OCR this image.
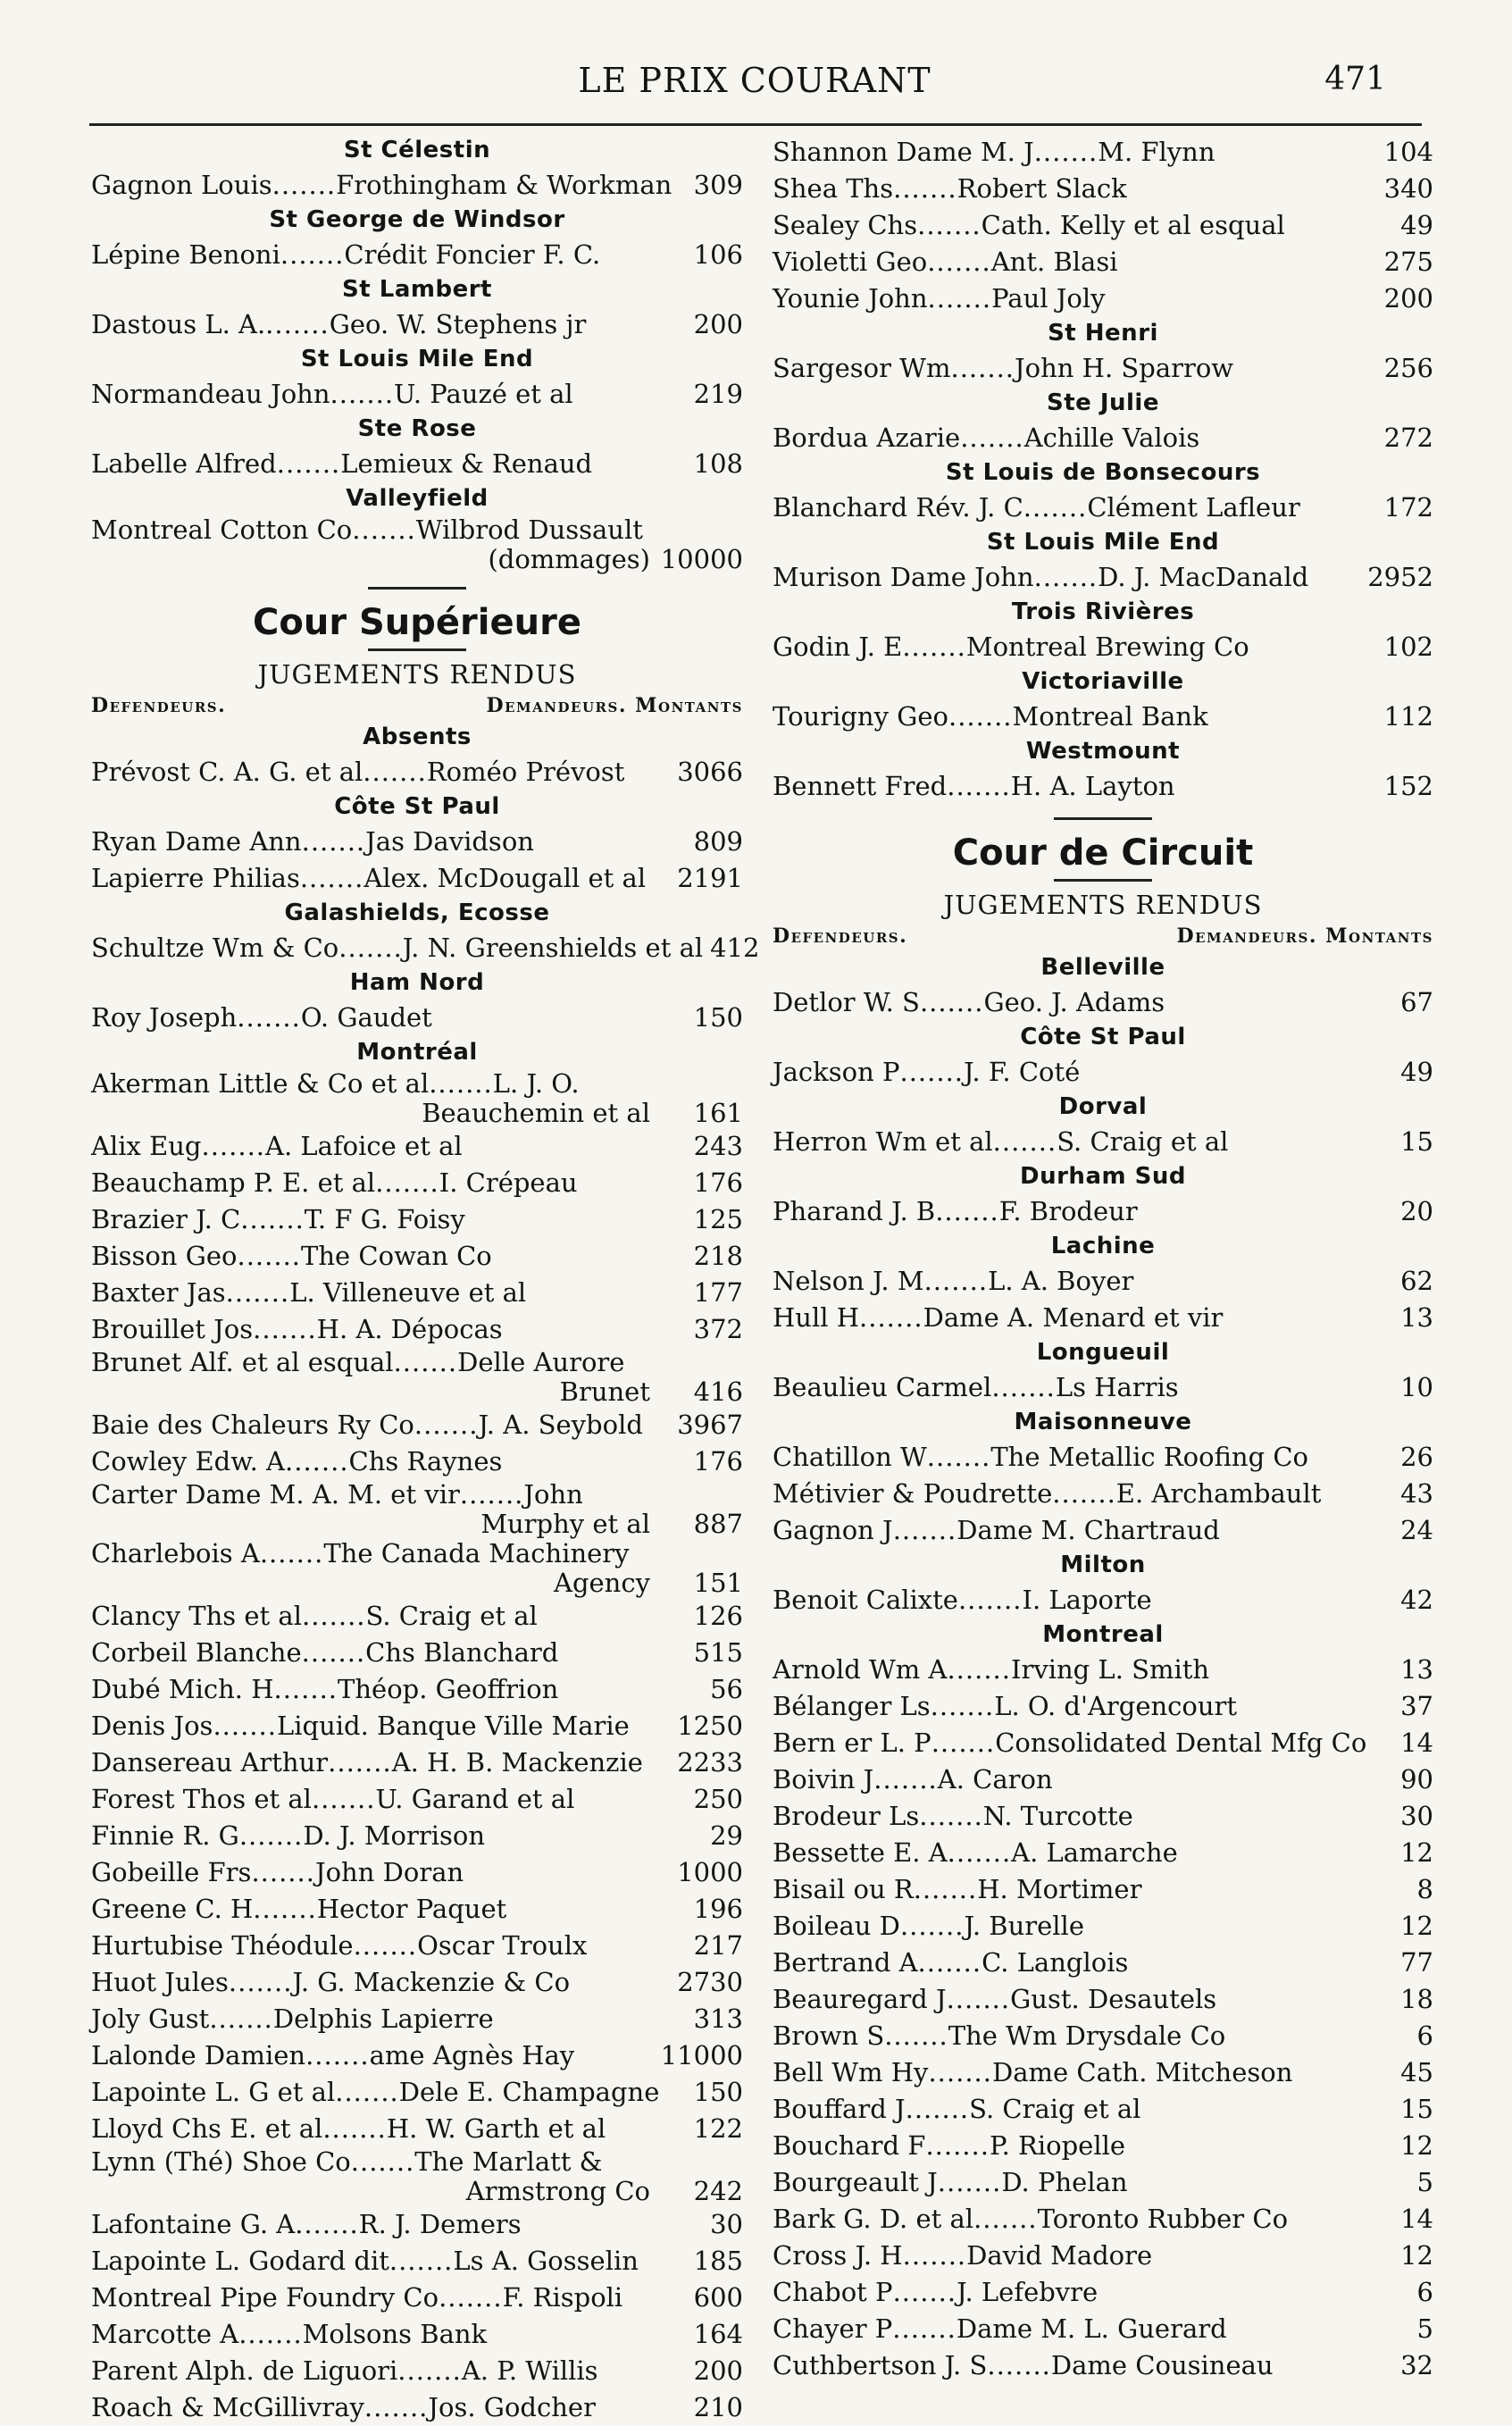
LE PRIX COURANT	471
St Célestin
Gagnon Louis.......Frothingham & Workman 309
St George de Windsor
Lépine Benoni.......Crédit Foncier F. C.	106
St Lambert
Dastous L. A........Geo. W. Stephens jr	200
St Louis Mile End
Normandeau John.......U. Pauzé et al	219
Ste Rose
Labelle Alfred.......Lemieux & Renaud	108
Valleyfield
Montreal Cotton Co.......Wilbrod Dussault
(dommages) 10000
Cour Supérieure
JUGEMENTS RENDUS
Defendeurs.	Demandeurs. Montants
Absents
Prévost C. A. G. et al.......Roméo Prévost	3066
Côte St Paul
Ryan Dame Ann.......Jas Davidson	809
Lapierre Philias.......Alex. McDougall et al	2191
Galashields, Ecosse
Schultze Wm & Co.......J. N. Greenshields et al 412
Ham Nord
Roy Joseph.......O. Gaudet	150
Montréal
Akerman Little & Co et al.......L. J. O.
Beauchemin et al	161
Alix Eug.......A. Lafoice et al	243
Beauchamp P. E. et al.......I. Crépeau	176
Brazier J. C.......T. F G. Foisy	125
Bisson Geo.......The Cowan Co	218
Baxter Jas.......L. Villeneuve et al	177
Brouillet Jos.......H. A. Dépocas	372
Brunet Alf. et al esqual.......Delle Aurore
Brunet	416
Baie des Chaleurs Ry Co.......J. A. Seybold	3967
Cowley Edw. A.......Chs Raynes	176
Carter Dame M. A. M. et vir.......John
Murphy et al	887
Charlebois A.......The Canada Machinery
Agency	151
Clancy Ths et al.......S. Craig et al	126
Corbeil Blanche.......Chs Blanchard	515
Dubé Mich. H.......Théop. Geoffrion	56
Denis Jos.......Liquid. Banque Ville Marie	1250
Dansereau Arthur.......A. H. B. Mackenzie	2233
Forest Thos et al.......U. Garand et al	250
Finnie R. G.......D. J. Morrison	29
Gobeille Frs.......John Doran	1000
Greene C. H.......Hector Paquet	196
Hurtubise Théodule.......Oscar Troulx	217
Huot Jules.......J. G. Mackenzie & Co	2730
Joly Gust.......Delphis Lapierre	313
Lalonde Damien.......ame Agnès Hay	11000
Lapointe L. G et al.......Dele E. Champagne	150
Lloyd Chs E. et al.......H. W. Garth et al	122
Lynn (Thé) Shoe Co.......The Marlatt &
Armstrong Co	242
Lafontaine G. A.......R. J. Demers	30
Lapointe L. Godard dit.......Ls A. Gosselin	185
Montreal Pipe Foundry Co.......F. Rispoli	600
Marcotte A.......Molsons Bank	164
Parent Alph. de Liguori.......A. P. Willis	200
Roach & McGillivray.......Jos. Godcher	210
Shannon Dame M. J.......M. Flynn	104
Shea Ths.......Robert Slack	340
Sealey Chs.......Cath. Kelly et al esqual	49
Violetti Geo.......Ant. Blasi	275
Younie John.......Paul Joly	200
St Henri
Sargesor Wm.......John H. Sparrow	256
Ste Julie
Bordua Azarie.......Achille Valois	272
St Louis de Bonsecours
Blanchard Rév. J. C.......Clément Lafleur	172
St Louis Mile End
Murison Dame John.......D. J. MacDanald	2952
Trois Rivières
Godin J. E.......Montreal Brewing Co	102
Victoriaville
Tourigny Geo.......Montreal Bank	112
Westmount
Bennett Fred.......H. A. Layton	152
Cour de Circuit
JUGEMENTS RENDUS
Defendeurs.	Demandeurs. Montants
Belleville
Detlor W. S.......Geo. J. Adams	67
Côte St Paul
Jackson P.......J. F. Coté	49
Dorval
Herron Wm et al.......S. Craig et al	15
Durham Sud
Pharand J. B.......F. Brodeur	20
Lachine
Nelson J. M.......L. A. Boyer	62
Hull H.......Dame A. Menard et vir	13
Longueuil
Beaulieu Carmel.......Ls Harris	10
Maisonneuve
Chatillon W.......The Metallic Roofing Co	26
Métivier & Poudrette.......E. Archambault	43
Gagnon J.......Dame M. Chartraud	24
Milton
Benoit Calixte.......I. Laporte	42
Montreal
Arnold Wm A.......Irving L. Smith	13
Bélanger Ls.......L. O. d'Argencourt	37
Bern er L. P.......Consolidated Dental Mfg Co	14
Boivin J.......A. Caron	90
Brodeur Ls.......N. Turcotte	30
Bessette E. A.......A. Lamarche	12
Bisail ou R.......H. Mortimer	8
Boileau D.......J. Burelle	12
Bertrand A.......C. Langlois	77
Beauregard J.......Gust. Desautels	18
Brown S.......The Wm Drysdale Co	6
Bell Wm Hy.......Dame Cath. Mitcheson	45
Bouffard J.......S. Craig et al	15
Bouchard F.......P. Riopelle	12
Bourgeault J.......D. Phelan	5
Bark G. D. et al.......Toronto Rubber Co	14
Cross J. H.......David Madore	12
Chabot P.......J. Lefebvre	6
Chayer P.......Dame M. L. Guerard	5
Cuthbertson J. S.......Dame Cousineau	32
